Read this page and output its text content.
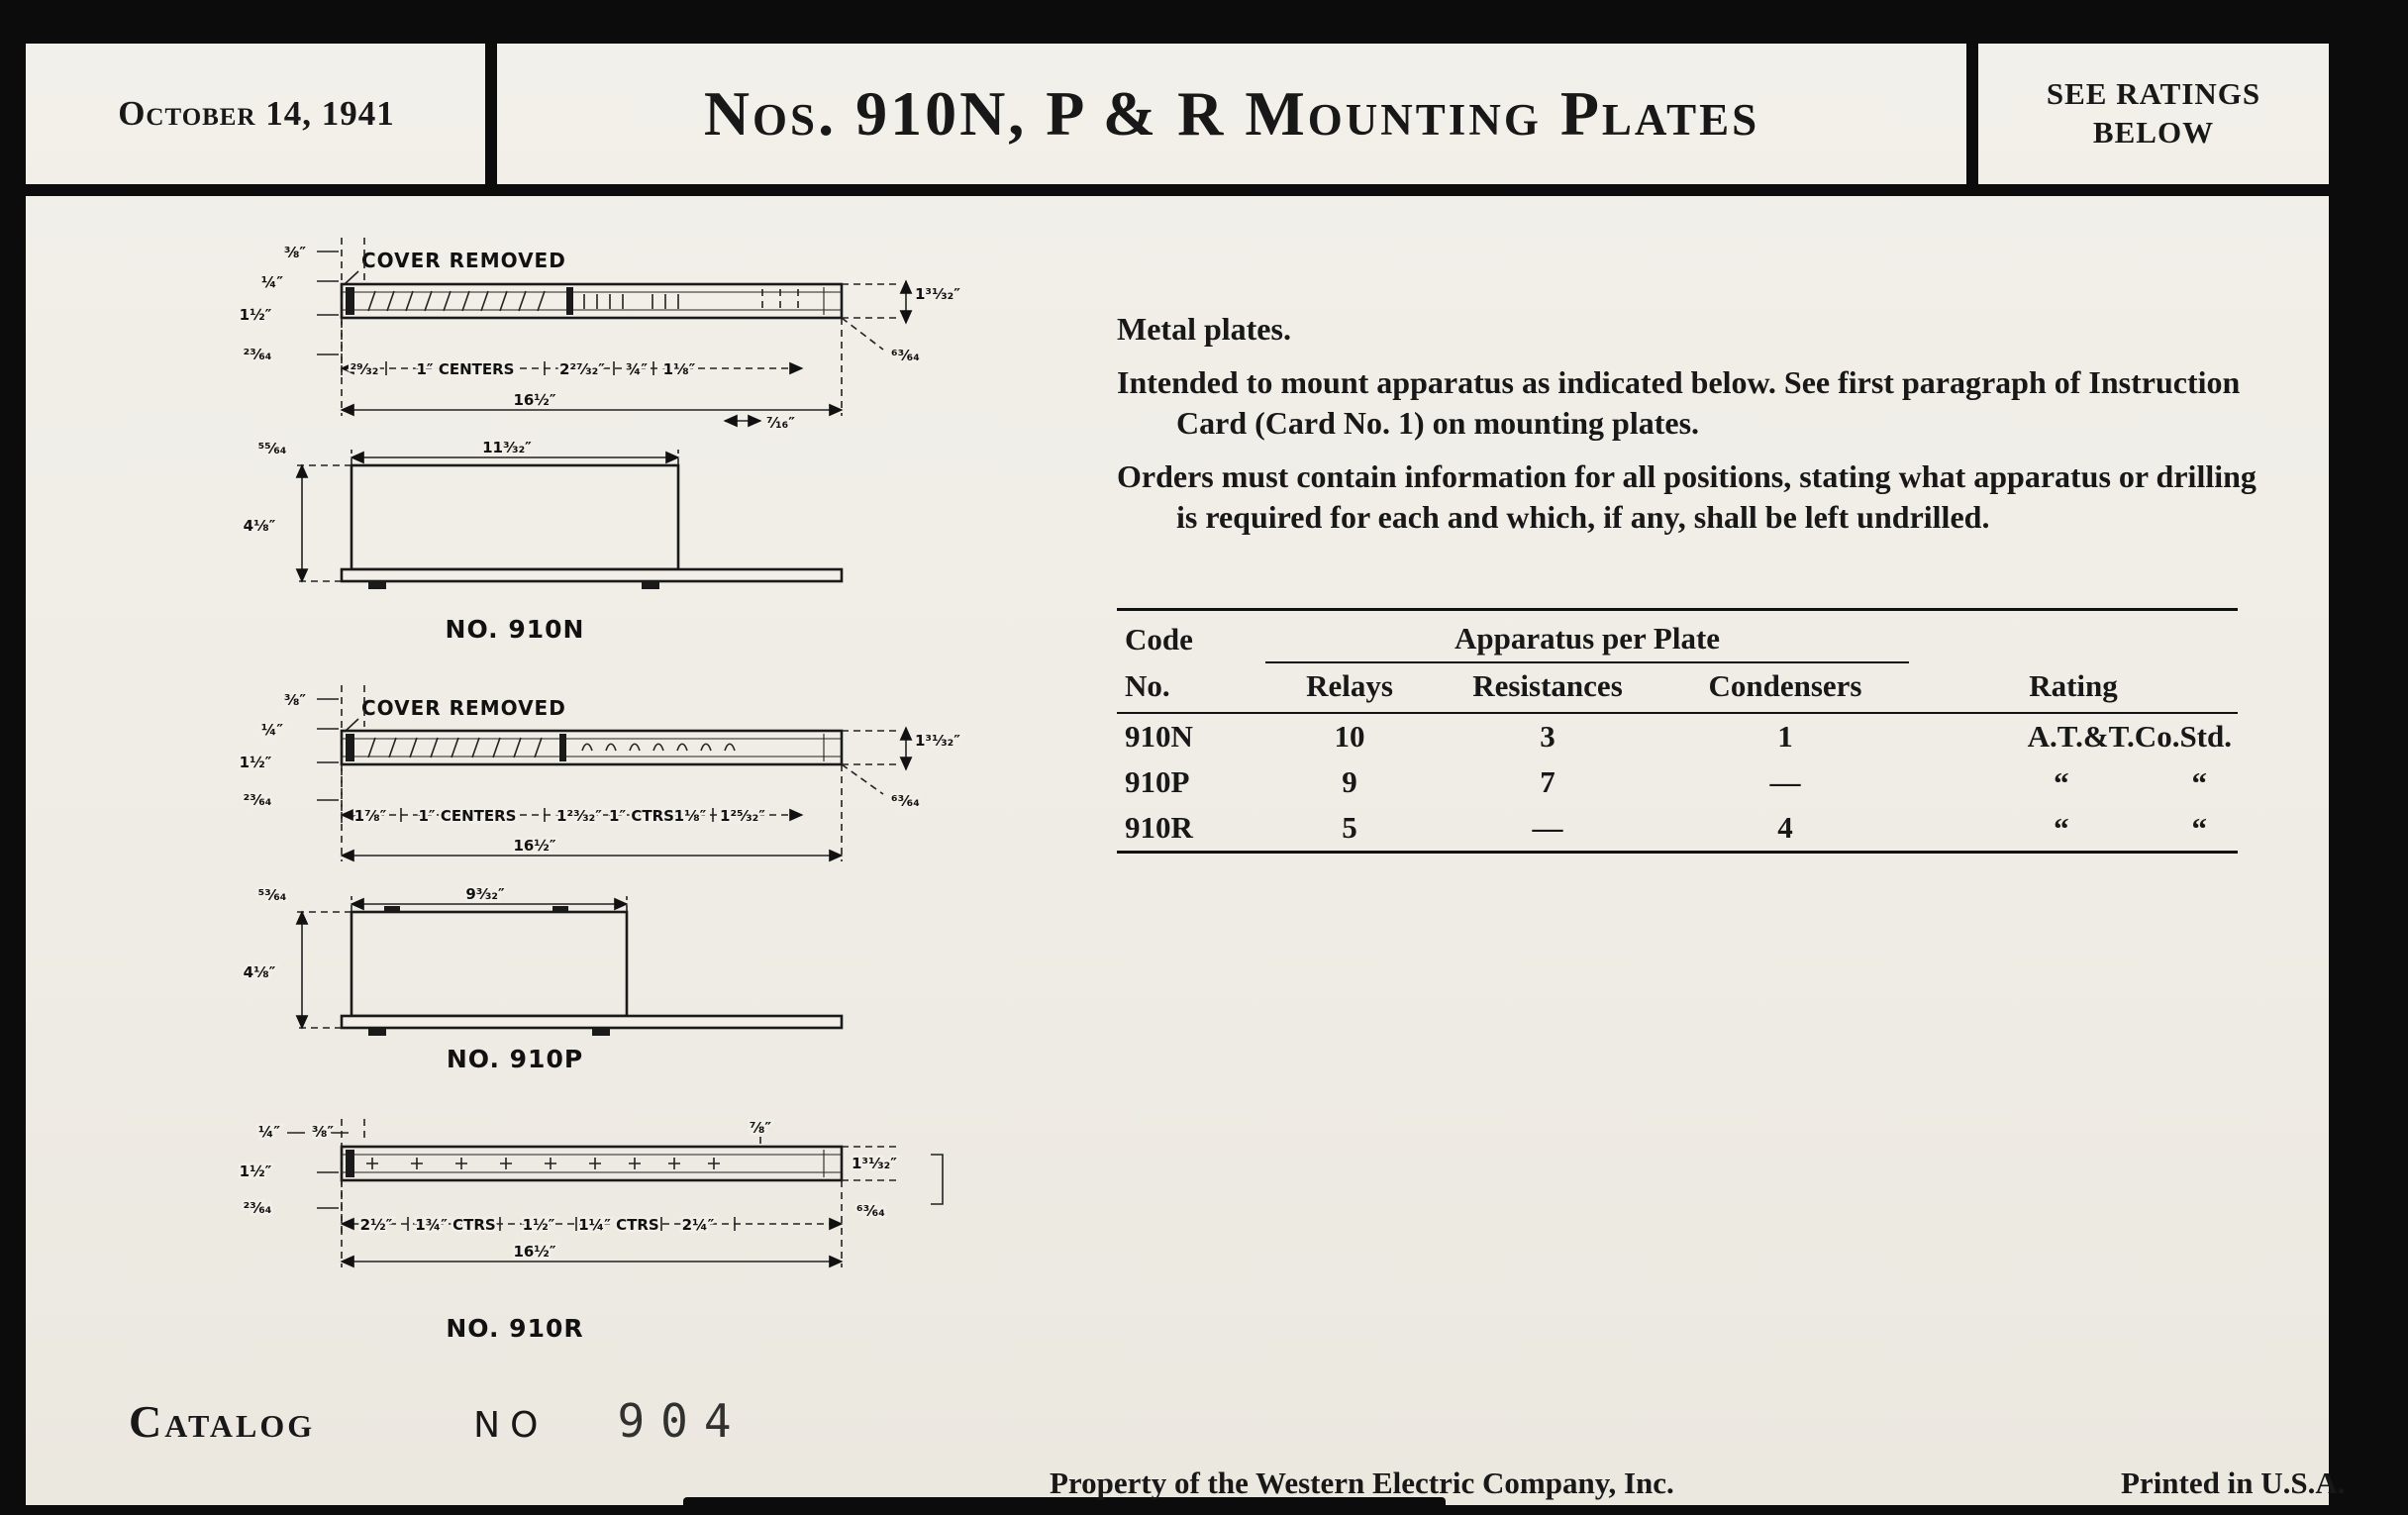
October 14, 1941	Nos. 910N, P & R Mounting Plates	SEE RATINGS
BELOW
COVER REMOVED
⅜″
¼″
1½″
²³⁄₆₄
²⁹⁄₃₂	1″ CENTERS	2²⁷⁄₃₂″ ¾″ 1⅛″
16½″
1³¹⁄₃₂″
⁶³⁄₆₄
⁷⁄₁₆″
⁵⁵⁄₆₄	11³⁄₃₂″
4⅛″
NO. 910N
COVER REMOVED
⅜″
¼″
1½″
²³⁄₆₄
1⅞″ 1″ CENTERS	1²³⁄₃₂″ 1″ CTRS 1⅛″ 1²⁵⁄₃₂″
16½″
1³¹⁄₃₂″
⁶³⁄₆₄
⁵³⁄₆₄	9³⁄₃₂″
4⅛″
NO. 910P
¼″ ⅜″	⅞″
1½″
²³⁄₆₄
2½″ 1¾″ CTRS 1½″ 1¼″ CTRS 2¼″
16½″
1³¹⁄₃₂″
⁶³⁄₆₄
NO. 910R

Metal plates.

Intended to mount apparatus as indicated below. See first paragraph of Instruction Card (Card No. 1) on mounting plates.

Orders must contain information for all positions, stating what apparatus or drilling is required for each and which, if any, shall be left undrilled.

Code	Apparatus per Plate			
No.	Relays	Resistances	Condensers	Rating
910N	10	3	1	A.T.&T.Co.Std.
910P	9	7	—	“ “

910R	5	—	4	“ “
Catalog	NO 904
Property of the Western Electric Company, Inc.	Printed in U.S.A.
